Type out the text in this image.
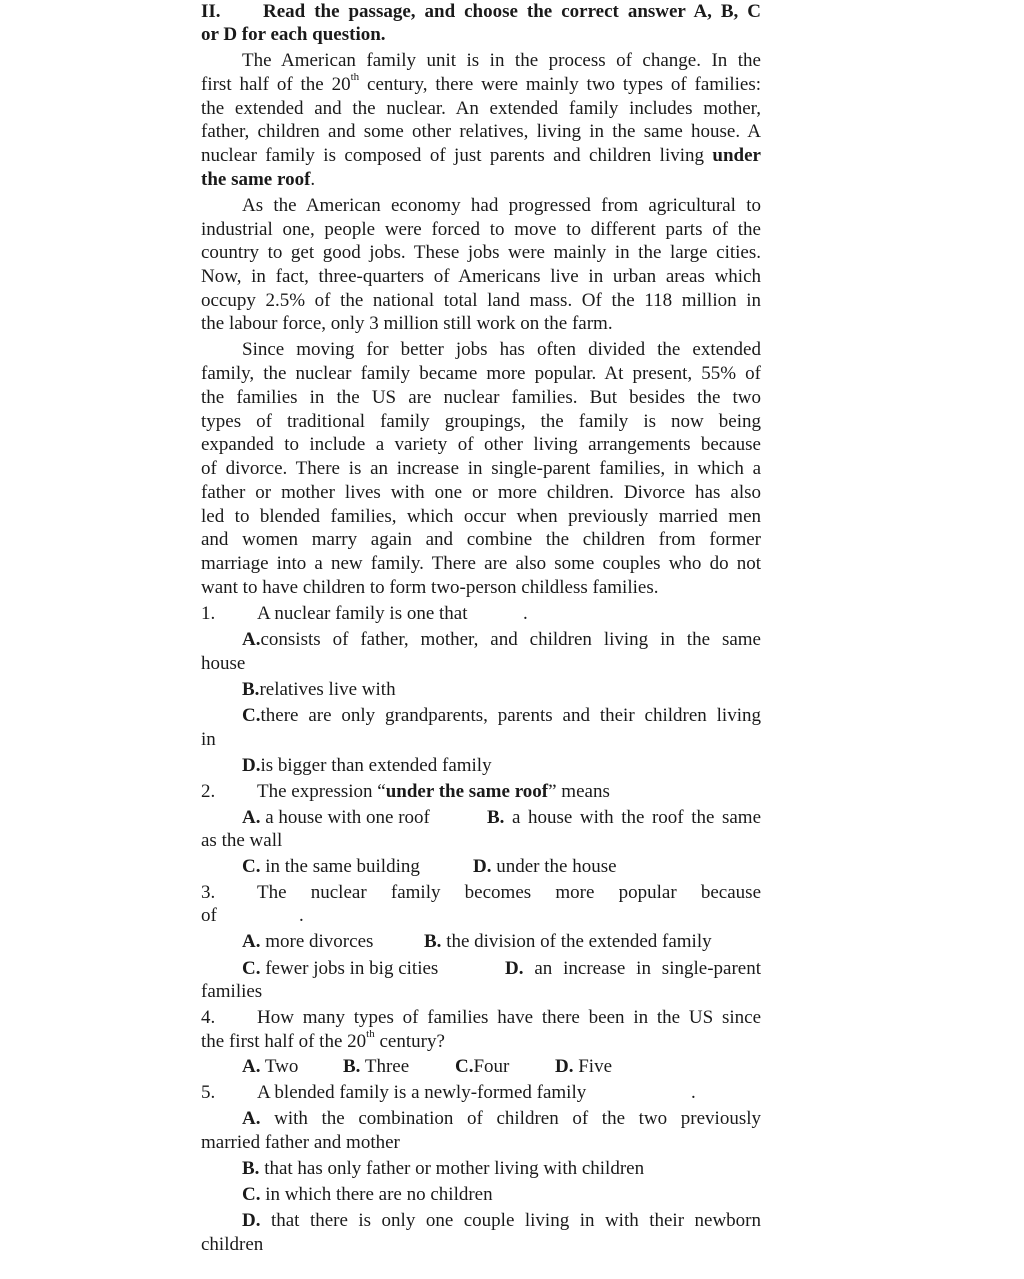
II. Read the passage, and choose the correct answer A, B, C
or D for each question.
The American family unit is in the process of change. In the
first half of the 20th century, there were mainly two types of families:
the extended and the nuclear. An extended family includes mother,
father, children and some other relatives, living in the same house. A
nuclear family is composed of just parents and children living under
the same roof.
As the American economy had progressed from agricultural to
industrial one, people were forced to move to different parts of the
country to get good jobs. These jobs were mainly in the large cities.
Now, in fact, three-quarters of Americans live in urban areas which
occupy 2.5% of the national total land mass. Of the 118 million in
the labour force, only 3 million still work on the farm.
Since moving for better jobs has often divided the extended
family, the nuclear family became more popular. At present, 55% of
the families in the US are nuclear families. But besides the two
types of traditional family groupings, the family is now being
expanded to include a variety of other living arrangements because
of divorce. There is an increase in single-parent families, in which a
father or mother lives with one or more children. Divorce has also
led to blended families, which occur when previously married men
and women marry again and combine the children from former
marriage into a new family. There are also some couples who do not
want to have children to form two-person childless families.
1. A nuclear family is one that	.
A.consists of father, mother, and children living in the same
house
B.relatives live with
C.there are only grandparents, parents and their children living
in
D.is bigger than extended family
2. The expression “under the same roof” means
A. a house with one roof	B. a house with the roof the same
as the wall
C. in the same building	D. under the house
3. The nuclear family becomes more popular because
of	.
A. more divorces	B. the division of the extended family
C. fewer jobs in big cities	D. an increase in single-parent
families
4. How many types of families have there been in the US since
the first half of the 20th century?
A. Two B. Three C.Four D. Five
5. A blended family is a newly-formed family	.
A. with the combination of children of the two previously
married father and mother
B. that has only father or mother living with children
C. in which there are no children
D. that there is only one couple living in with their newborn
children
